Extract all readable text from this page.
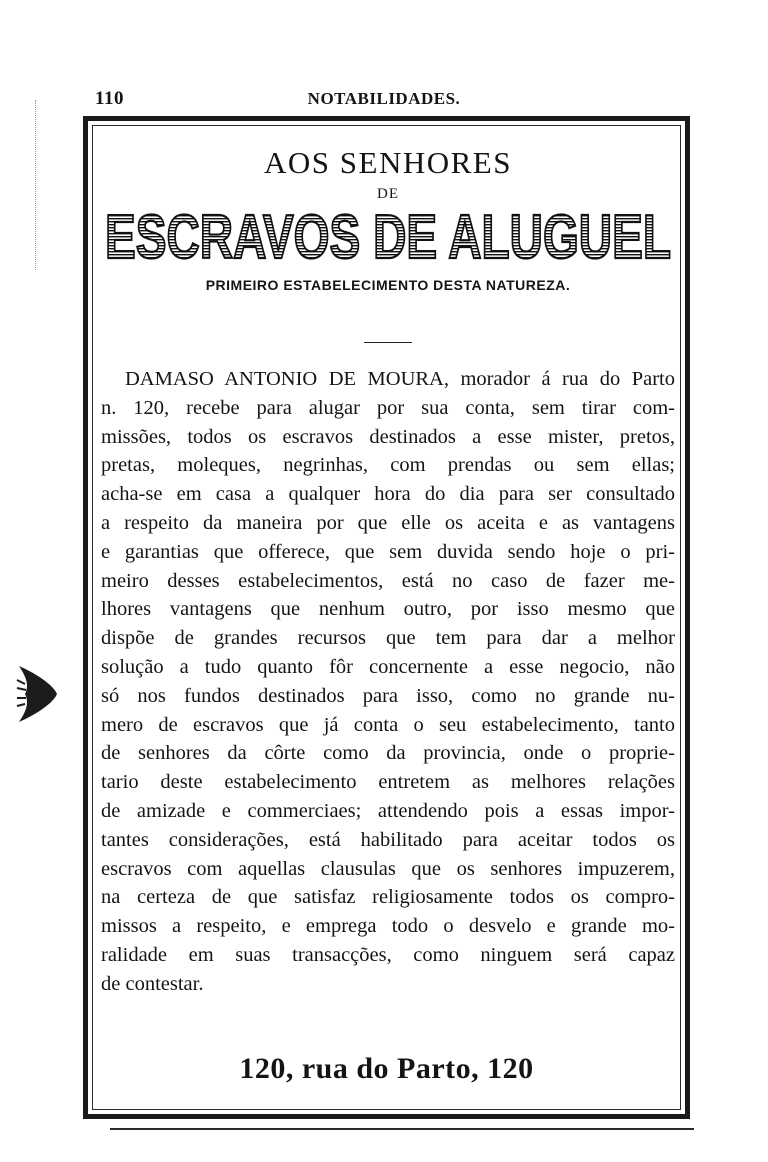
110	NOTABILIDADES.
AOS SENHORES
DE
ESCRAVOS DE ALUGUEL
PRIMEIRO ESTABELECIMENTO DESTA NATUREZA.
DAMASO ANTONIO DE MOURA, morador á rua do Parto
n. 120, recebe para alugar por sua conta, sem tirar com-
missões, todos os escravos destinados a esse mister, pretos,
pretas, moleques, negrinhas, com prendas ou sem ellas;
acha-se em casa a qualquer hora do dia para ser consultado
a respeito da maneira por que elle os aceita e as vantagens
e garantias que offerece, que sem duvida sendo hoje o pri-
meiro desses estabelecimentos, está no caso de fazer me-
lhores vantagens que nenhum outro, por isso mesmo que
dispõe de grandes recursos que tem para dar a melhor
solução a tudo quanto fôr concernente a esse negocio, não
só nos fundos destinados para isso, como no grande nu-
mero de escravos que já conta o seu estabelecimento, tanto
de senhores da côrte como da provincia, onde o proprie-
tario deste estabelecimento entretem as melhores relações
de amizade e commerciaes; attendendo pois a essas impor-
tantes considerações, está habilitado para aceitar todos os
escravos com aquellas clausulas que os senhores impuzerem,
na certeza de que satisfaz religiosamente todos os compro-
missos a respeito, e emprega todo o desvelo e grande mo-
ralidade em suas transacções, como ninguem será capaz
de contestar.
120, rua do Parto, 120
